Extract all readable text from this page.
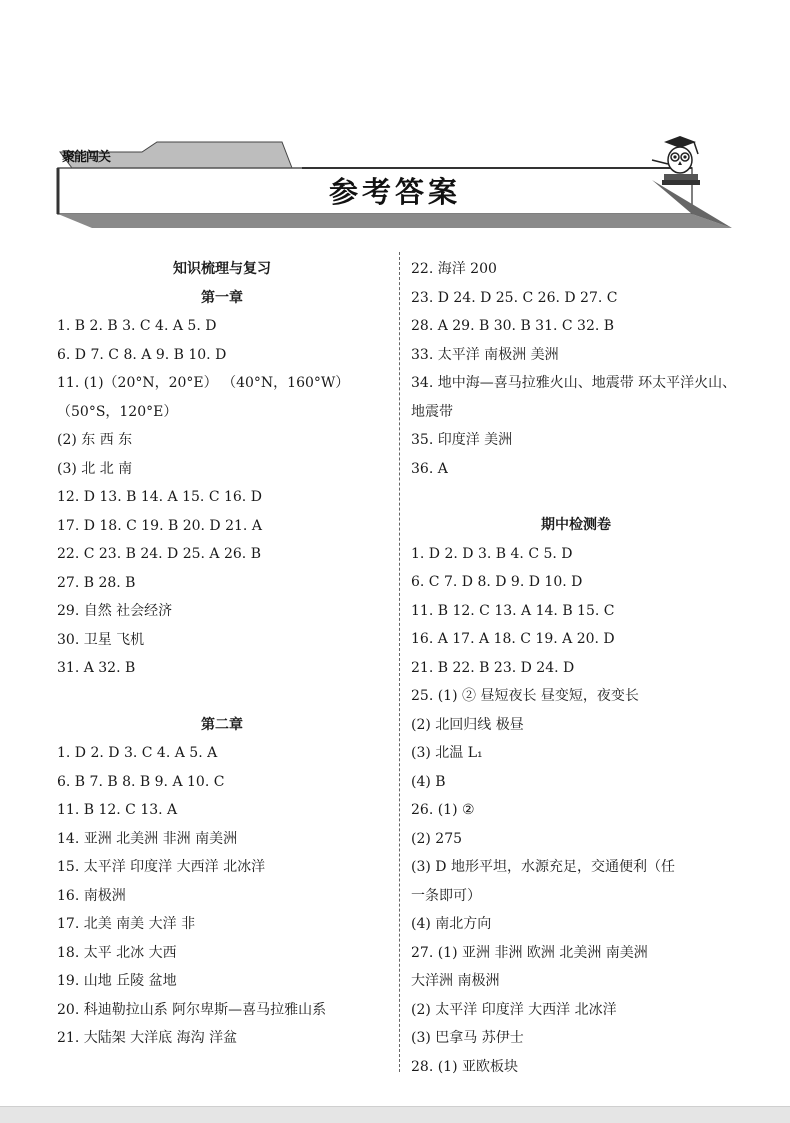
聚能闯关
参考答案
知识梳理与复习
第一章
1. B 2. B 3. C 4. A 5. D
6. D 7. C 8. A 9. B 10. D
11. (1)（20°N，20°E） （40°N，160°W）
（50°S，120°E）
(2) 东 西 东
(3) 北 北 南
12. D 13. B 14. A 15. C 16. D
17. D 18. C 19. B 20. D 21. A
22. C 23. B 24. D 25. A 26. B
27. B 28. B
29. 自然 社会经济
30. 卫星 飞机
31. A 32. B
第二章
1. D 2. D 3. C 4. A 5. A
6. B 7. B 8. B 9. A 10. C
11. B 12. C 13. A
14. 亚洲 北美洲 非洲 南美洲
15. 太平洋 印度洋 大西洋 北冰洋
16. 南极洲
17. 北美 南美 大洋 非
18. 太平 北冰 大西
19. 山地 丘陵 盆地
20. 科迪勒拉山系 阿尔卑斯—喜马拉雅山系
21. 大陆架 大洋底 海沟 洋盆
22. 海洋 200
23. D 24. D 25. C 26. D 27. C
28. A 29. B 30. B 31. C 32. B
33. 太平洋 南极洲 美洲
34. 地中海—喜马拉雅火山、地震带 环太平洋火山、
地震带
35. 印度洋 美洲
36. A
期中检测卷
1. D 2. D 3. B 4. C 5. D
6. C 7. D 8. D 9. D 10. D
11. B 12. C 13. A 14. B 15. C
16. A 17. A 18. C 19. A 20. D
21. B 22. B 23. D 24. D
25. (1) ② 昼短夜长 昼变短，夜变长
(2) 北回归线 极昼
(3) 北温 L₁
(4) B
26. (1) ②
(2) 275
(3) D 地形平坦，水源充足，交通便利（任
一条即可）
(4) 南北方向
27. (1) 亚洲 非洲 欧洲 北美洲 南美洲
大洋洲 南极洲
(2) 太平洋 印度洋 大西洋 北冰洋
(3) 巴拿马 苏伊士
28. (1) 亚欧板块
